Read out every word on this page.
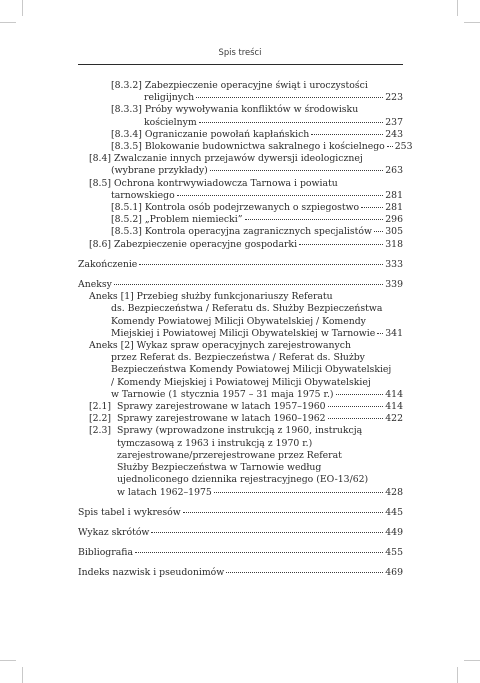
Spis treści
[8.3.2] Zabezpieczenie operacyjne świąt i uroczystości
religijnych	223
[8.3.3] Próby wywoływania konfliktów w środowisku
kościelnym	237
[8.3.4] Ograniczanie powołań kapłańskich	243
[8.3.5] Blokowanie budownictwa sakralnego i kościelnego 253
[8.4] Zwalczanie innych przejawów dywersji ideologicznej
(wybrane przykłady)	263
[8.5] Ochrona kontrwywiadowcza Tarnowa i powiatu
tarnowskiego	281
[8.5.1] Kontrola osób podejrzewanych o szpiegostwo	281
[8.5.2] „Problem niemiecki”	296
[8.5.3] Kontrola operacyjna zagranicznych specjalistów 305
[8.6] Zabezpieczenie operacyjne gospodarki	318
Zakończenie	333
Aneksy	339
Aneks [1] Przebieg służby funkcjonariuszy Referatu
ds. Bezpieczeństwa / Referatu ds. Służby Bezpieczeństwa
Komendy Powiatowej Milicji Obywatelskiej / Komendy
Miejskiej i Powiatowej Milicji Obywatelskiej w Tarnowie 341
Aneks [2] Wykaz spraw operacyjnych zarejestrowanych
przez Referat ds. Bezpieczeństwa / Referat ds. Służby
Bezpieczeństwa Komendy Powiatowej Milicji Obywatelskiej
/ Komendy Miejskiej i Powiatowej Milicji Obywatelskiej
w Tarnowie (1 stycznia 1957 – 31 maja 1975 r.)	414
[2.1] Sprawy zarejestrowane w latach 1957–1960	414
[2.2] Sprawy zarejestrowane w latach 1960–1962	422
[2.3] Sprawy (wprowadzone instrukcją z 1960, instrukcją
tymczasową z 1963 i instrukcją z 1970 r.)
zarejestrowane/przerejestrowane przez Referat
Służby Bezpieczeństwa w Tarnowie według
ujednoliconego dziennika rejestracyjnego (EO-13/62)
w latach 1962–1975	428
Spis tabel i wykresów	445
Wykaz skrótów	449
Bibliografia	455
Indeks nazwisk i pseudonimów	469
